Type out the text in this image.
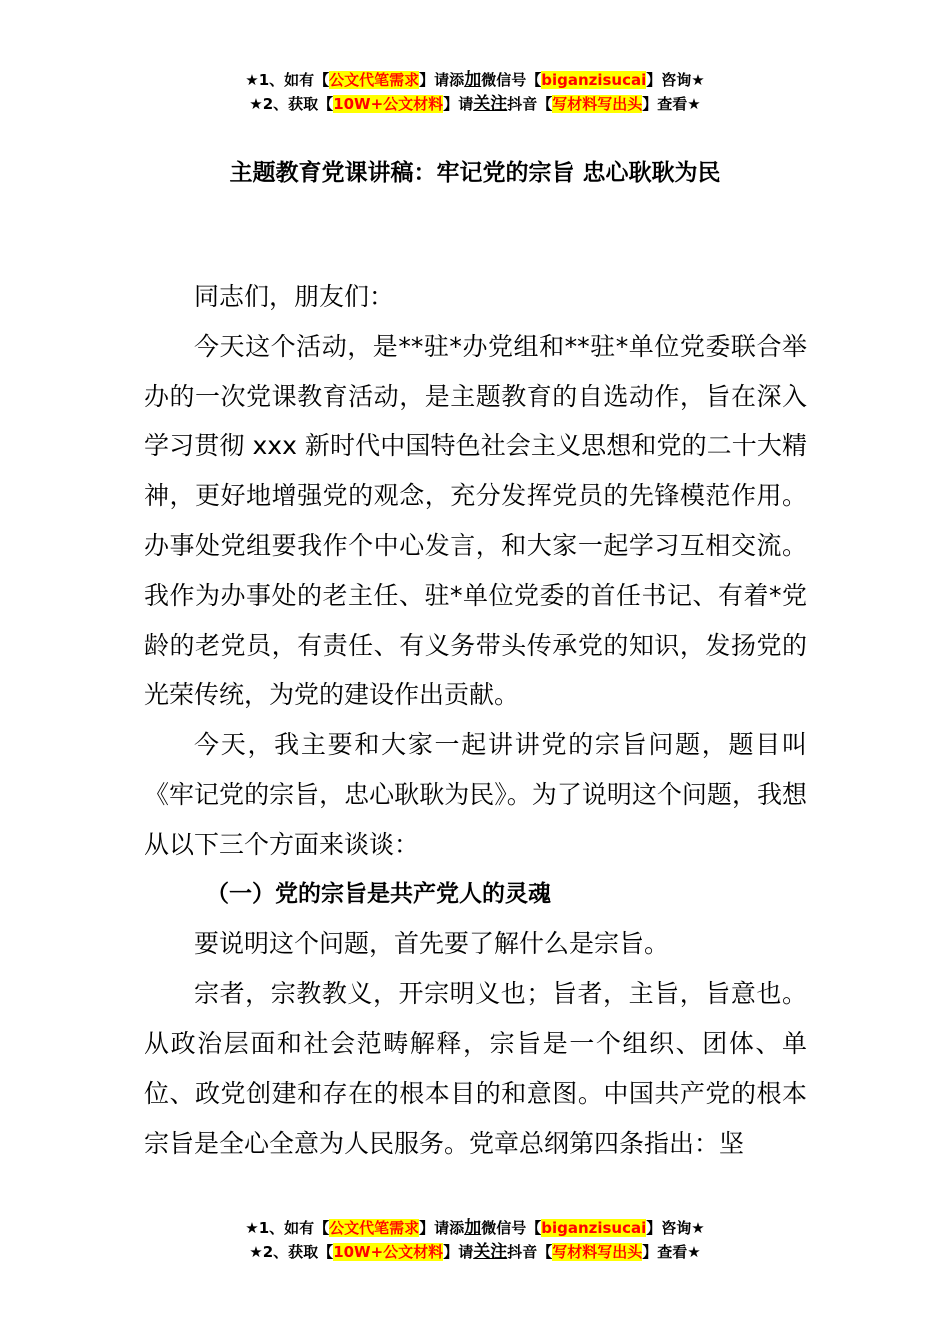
★1、如有【公文代笔需求】请添加微信号【biganzisucai】咨询★
★2、获取【10W+公文材料】请关注抖音【写材料写出头】查看★
主题教育党课讲稿：牢记党的宗旨 忠心耿耿为民

同志们，朋友们：

今天这个活动，是**驻*办党组和**驻*单位党委联合举办的一次党课教育活动，是主题教育的自选动作，旨在深入学习贯彻 xxx 新时代中国特色社会主义思想和党的二十大精神，更好地增强党的观念，充分发挥党员的先锋模范作用。办事处党组要我作个中心发言，和大家一起学习互相交流。我作为办事处的老主任、驻*单位党委的首任书记、有着*党龄的老党员，有责任、有义务带头传承党的知识，发扬党的光荣传统，为党的建设作出贡献。

今天，我主要和大家一起讲讲党的宗旨问题，题目叫《牢记党的宗旨，忠心耿耿为民》。为了说明这个问题，我想从以下三个方面来谈谈：

（一）党的宗旨是共产党人的灵魂

要说明这个问题，首先要了解什么是宗旨。

宗者，宗教教义，开宗明义也；旨者，主旨，旨意也。从政治层面和社会范畴解释，宗旨是一个组织、团体、单位、政党创建和存在的根本目的和意图。中国共产党的根本宗旨是全心全意为人民服务。党章总纲第四条指出：坚

★1、如有【公文代笔需求】请添加微信号【biganzisucai】咨询★
★2、获取【10W+公文材料】请关注抖音【写材料写出头】查看★
